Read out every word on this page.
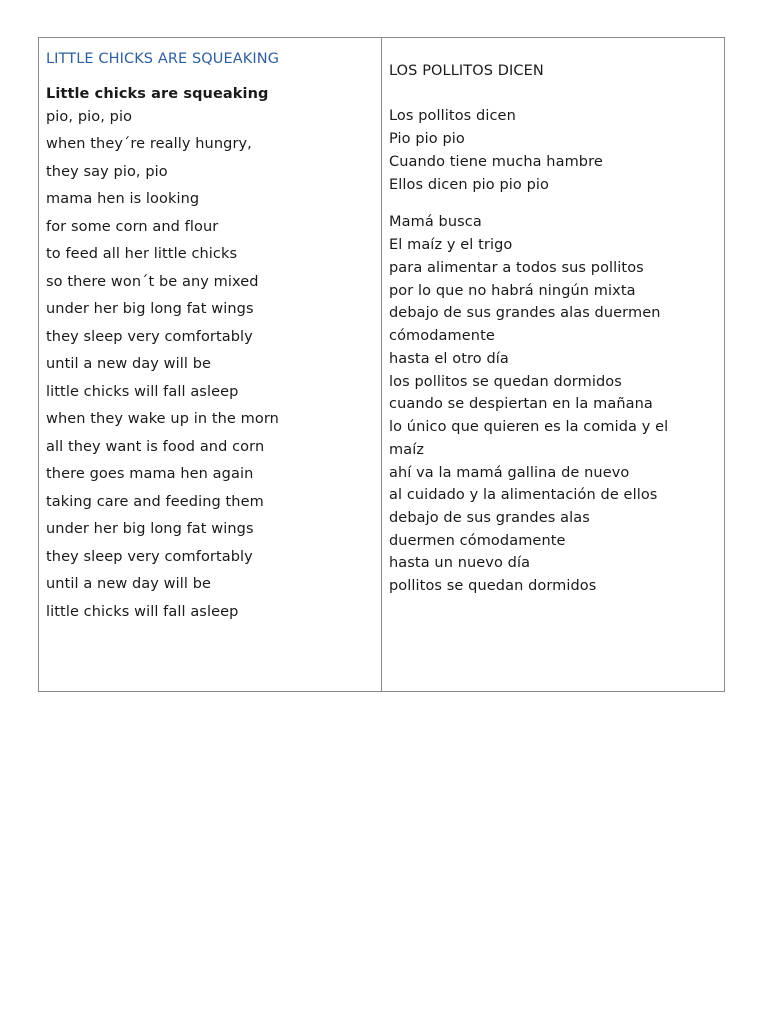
LITTLE CHICKS ARE SQUEAKING
Little chicks are squeaking
pio, pio, pio
when they´re really hungry,
they say pio, pio
mama hen is looking
for some corn and flour
to feed all her little chicks
so there won´t be any mixed
under her big long fat wings
they sleep very comfortably
until a new day will be
little chicks will fall asleep
when they wake up in the morn
all they want is food and corn
there goes mama hen again
taking care and feeding them
under her big long fat wings
they sleep very comfortably
until a new day will be
little chicks will fall asleep
LOS POLLITOS DICEN
Los pollitos dicen
Pio pio pio
Cuando tiene mucha hambre
Ellos dicen pio pio pio
Mamá busca
El maíz y el trigo
para alimentar a todos sus pollitos
por lo que no habrá ningún mixta
debajo de sus grandes alas duermen
cómodamente
hasta el otro día
los pollitos se quedan dormidos
cuando se despiertan en la mañana
lo único que quieren es la comida y el
maíz
ahí va la mamá gallina de nuevo
al cuidado y la alimentación de ellos
debajo de sus grandes alas
duermen cómodamente
hasta un nuevo día
pollitos se quedan dormidos
